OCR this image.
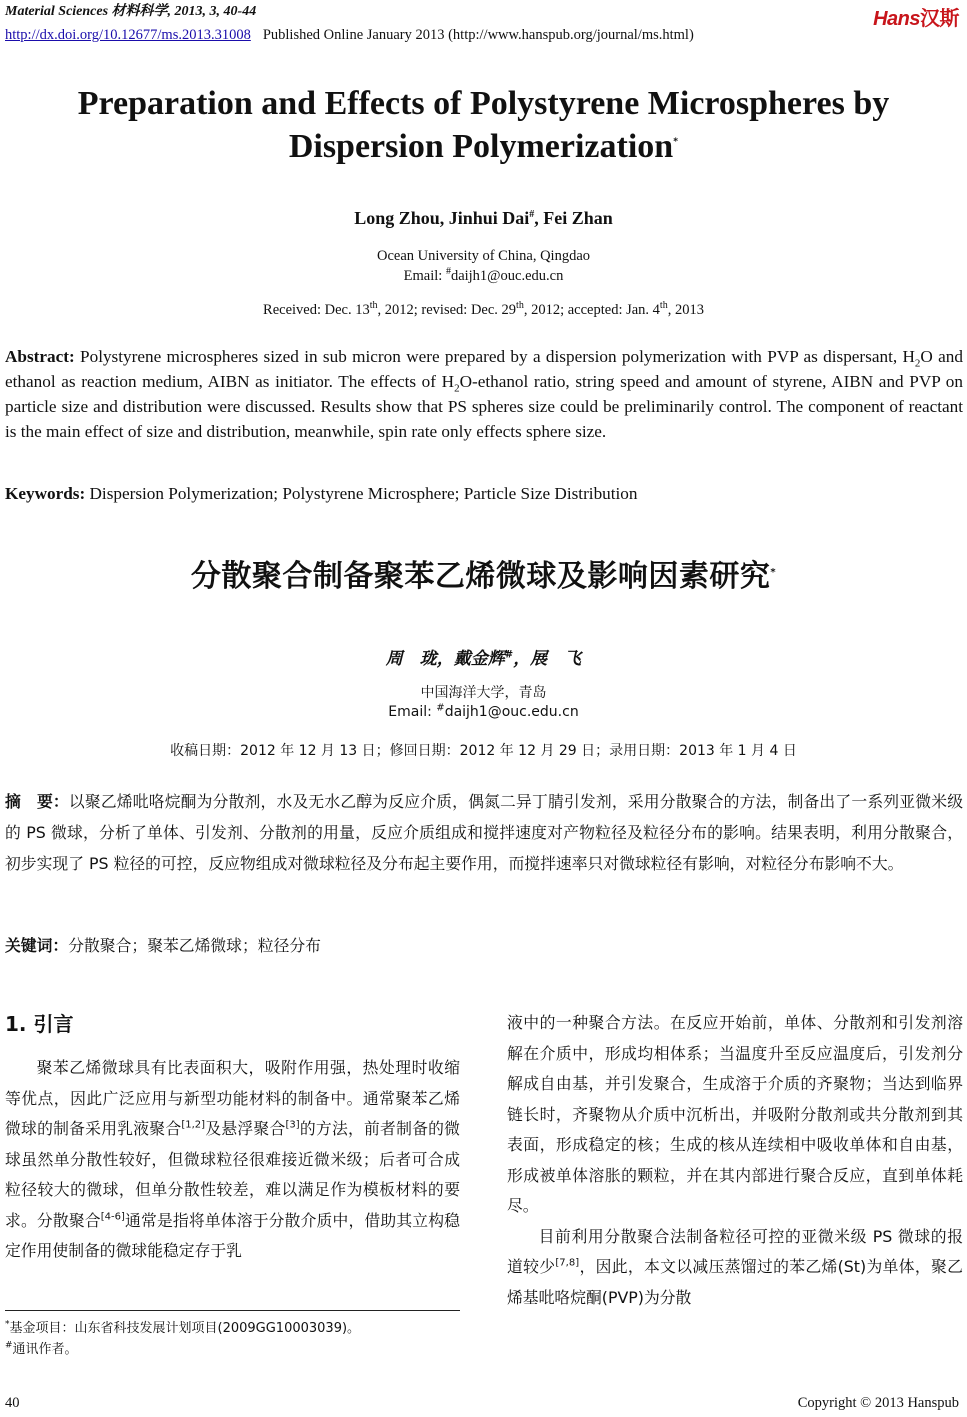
Material Sciences 材料科学, 2013, 3, 40-44	Hans汉斯
http://dx.doi.org/10.12677/ms.2013.31008 Published Online January 2013 (http://www.hanspub.org/journal/ms.html)
Preparation and Effects of Polystyrene Microspheres by
Dispersion Polymerization*
Long Zhou, Jinhui Dai#, Fei Zhan
Ocean University of China, Qingdao
Email: #daijh1@ouc.edu.cn
Received: Dec. 13th, 2012; revised: Dec. 29th, 2012; accepted: Jan. 4th, 2013
Abstract: Polystyrene microspheres sized in sub micron were prepared by a dispersion polymerization with PVP as dispersant, $H_2O$ and ethanol as reaction medium, AIBN as initiator. The effects of $H_2O$-ethanol ratio, string speed and amount of styrene, AIBN and PVP on particle size and distribution were discussed. Results show that PS spheres size could be preliminarily control. The component of reactant is the main effect of size and distribution, meanwhile, spin rate only effects sphere size.
Keywords: Dispersion Polymerization; Polystyrene Microsphere; Particle Size Distribution
分散聚合制备聚苯乙烯微球及影响因素研究*
周　珑，戴金辉#，展　飞
中国海洋大学，青岛
Email: #daijh1@ouc.edu.cn
收稿日期：2012 年 12 月 13 日；修回日期：2012 年 12 月 29 日；录用日期：2013 年 1 月 4 日
摘　要：以聚乙烯吡咯烷酮为分散剂，水及无水乙醇为反应介质，偶氮二异丁腈引发剂，采用分散聚合的方法，制备出了一系列亚微米级的 PS 微球，分析了单体、引发剂、分散剂的用量，反应介质组成和搅拌速度对产物粒径及粒径分布的影响。结果表明，利用分散聚合，初步实现了 PS 粒径的可控，反应物组成对微球粒径及分布起主要作用，而搅拌速率只对微球粒径有影响，对粒径分布影响不大。
关键词：分散聚合；聚苯乙烯微球；粒径分布
1. 引言

聚苯乙烯微球具有比表面积大，吸附作用强，热处理时收缩等优点，因此广泛应用与新型功能材料的制备中。通常聚苯乙烯微球的制备采用乳液聚合[1,2]及悬浮聚合[3]的方法，前者制备的微球虽然单分散性较好，但微球粒径很难接近微米级；后者可合成粒径较大的微球，但单分散性较差，难以满足作为模板材料的要求。分散聚合[4-6]通常是指将单体溶于分散介质中，借助其立构稳定作用使制备的微球能稳定存于乳

液中的一种聚合方法。在反应开始前，单体、分散剂和引发剂溶解在介质中，形成均相体系；当温度升至反应温度后，引发剂分解成自由基，并引发聚合，生成溶于介质的齐聚物；当达到临界链长时，齐聚物从介质中沉析出，并吸附分散剂或共分散剂到其表面，形成稳定的核；生成的核从连续相中吸收单体和自由基，形成被单体溶胀的颗粒，并在其内部进行聚合反应，直到单体耗尽。

目前利用分散聚合法制备粒径可控的亚微米级 PS 微球的报道较少[7,8]，因此，本文以减压蒸馏过的苯乙烯(St)为单体，聚乙烯基吡咯烷酮(PVP)为分散

*基金项目：山东省科技发展计划项目(2009GG10003039)。
#通讯作者。
40	Copyright © 2013 Hanspub
